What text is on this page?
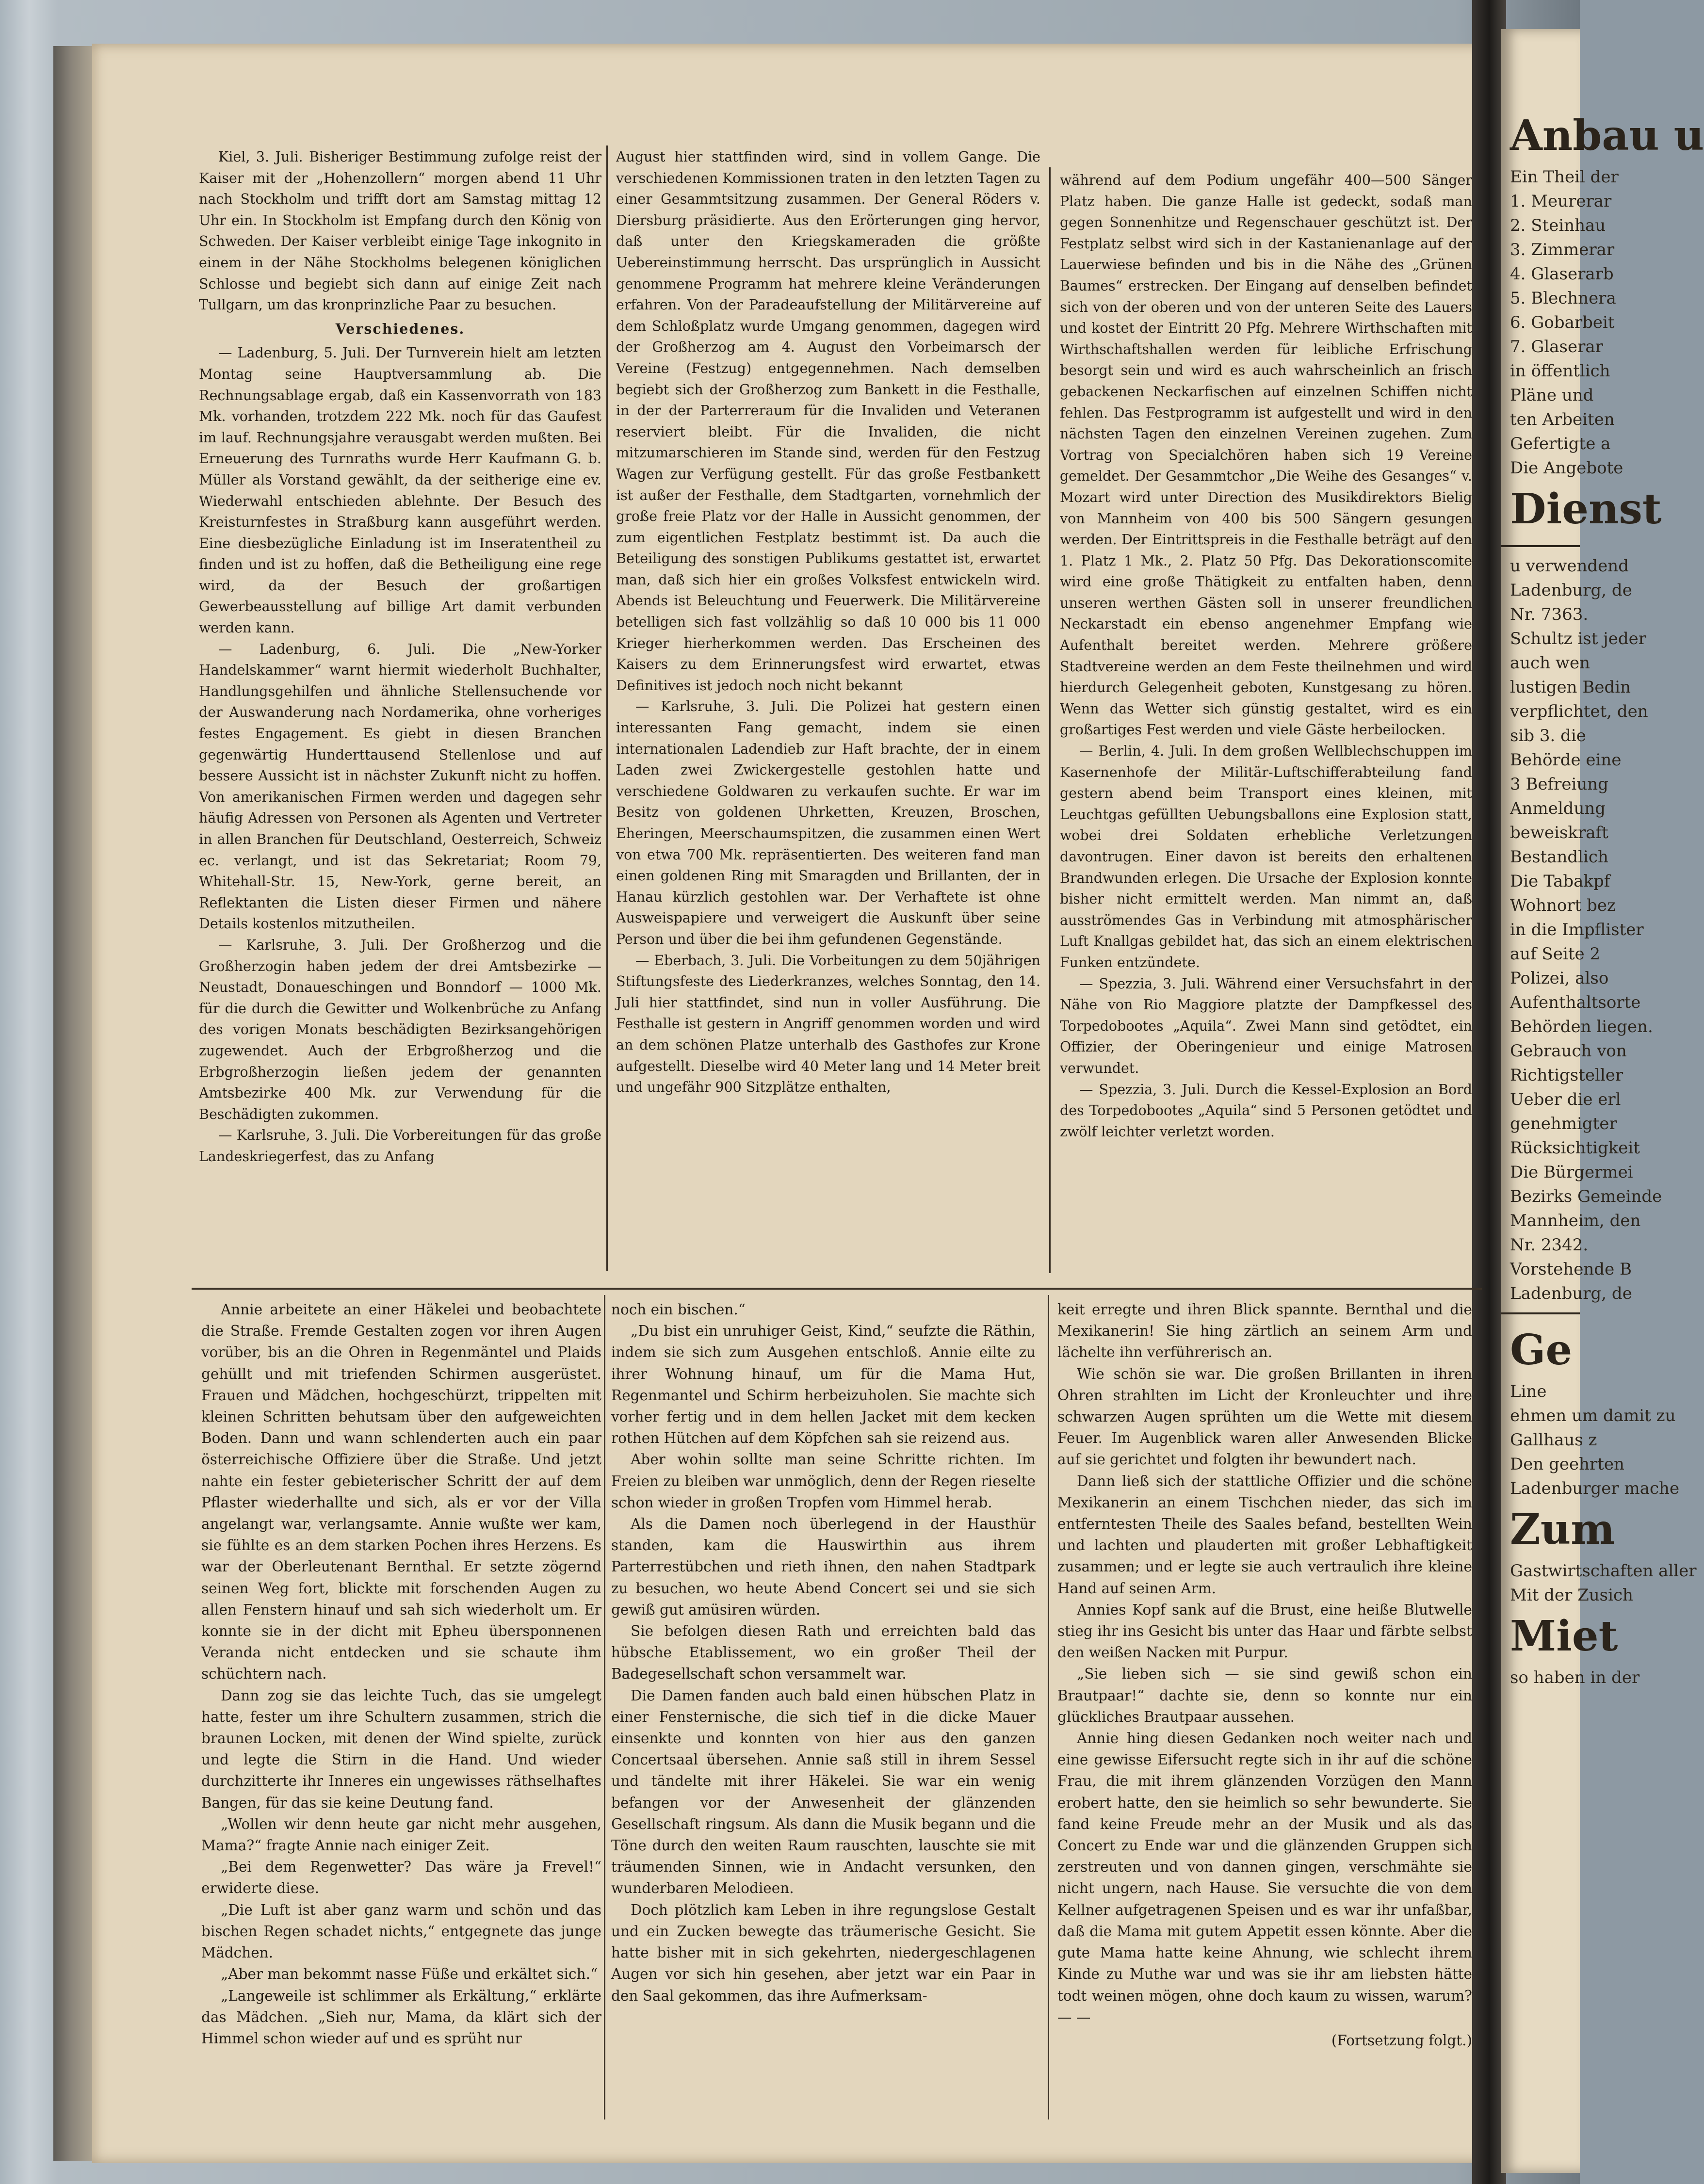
Anbau u
Ein Theil der
1. Meurerar
2. Steinhau
3. Zimmerar
4. Glaserarb
5. Blechnera
6. Gobarbeit
7. Glaserar
in öffentlich
Pläne und
ten Arbeiten
Gefertigte a
Die Angebote
Dienst
u verwendend
Ladenburg, de
Nr. 7363.
Schultz ist jeder
auch wen
lustigen Bedin
verpflichtet, den
sib 3. die
Behörde eine
3 Befreiung
Anmeldung
beweiskraft
Bestandlich
Die Tabakpf
Wohnort bez
in die Impflister
auf Seite 2
Polizei, also
Aufenthaltsorte
Behörden liegen.
Gebrauch von
Richtigsteller
Ueber die erl
genehmigter
Rücksichtigkeit
Die Bürgermei
Bezirks Gemeinde
Mannheim, den
Nr. 2342.
Vorstehende B
Ladenburg, de
Ge
Line
ehmen um damit zu
Gallhaus z
Den geehrten
Ladenburger mache
Zum
Gastwirtschaften aller
Mit der Zusich
Miet
so haben in der

Kiel, 3. Juli. Bisheriger Bestimmung zufolge reist der Kaiser mit der „Hohenzollern“ morgen abend 11 Uhr nach Stockholm und trifft dort am Samstag mittag 12 Uhr ein. In Stockholm ist Empfang durch den König von Schweden. Der Kaiser verbleibt einige Tage inkognito in einem in der Nähe Stockholms belegenen königlichen Schlosse und begiebt sich dann auf einige Zeit nach Tullgarn, um das kronprinzliche Paar zu besuchen.

Verschiedenes.

— Ladenburg, 5. Juli. Der Turnverein hielt am letzten Montag seine Hauptversammlung ab. Die Rechnungsablage ergab, daß ein Kassenvorrath von 183 Mk. vorhanden, trotzdem 222 Mk. noch für das Gaufest im lauf. Rechnungsjahre verausgabt werden mußten. Bei Erneuerung des Turnraths wurde Herr Kaufmann G. b. Müller als Vorstand gewählt, da der seitherige eine ev. Wiederwahl entschieden ablehnte. Der Besuch des Kreisturnfestes in Straßburg kann ausgeführt werden. Eine diesbezügliche Einladung ist im Inseratentheil zu finden und ist zu hoffen, daß die Betheiligung eine rege wird, da der Besuch der großartigen Gewerbeausstellung auf billige Art damit verbunden werden kann.

— Ladenburg, 6. Juli. Die „New-Yorker Handelskammer“ warnt hiermit wiederholt Buchhalter, Handlungsgehilfen und ähnliche Stellensuchende vor der Auswanderung nach Nordamerika, ohne vorheriges festes Engagement. Es giebt in diesen Branchen gegenwärtig Hunderttausend Stellenlose und auf bessere Aussicht ist in nächster Zukunft nicht zu hoffen. Von amerikanischen Firmen werden und dagegen sehr häufig Adressen von Personen als Agenten und Vertreter in allen Branchen für Deutschland, Oesterreich, Schweiz ec. verlangt, und ist das Sekretariat; Room 79, Whitehall-Str. 15, New-York, gerne bereit, an Reflektanten die Listen dieser Firmen und nähere Details kostenlos mitzutheilen.

— Karlsruhe, 3. Juli. Der Großherzog und die Großherzogin haben jedem der drei Amtsbezirke — Neustadt, Donaueschingen und Bonndorf — 1000 Mk. für die durch die Gewitter und Wolkenbrüche zu Anfang des vorigen Monats beschädigten Bezirksangehörigen zugewendet. Auch der Erbgroßherzog und die Erbgroßherzogin ließen jedem der genannten Amtsbezirke 400 Mk. zur Verwendung für die Beschädigten zukommen.

— Karlsruhe, 3. Juli. Die Vorbereitungen für das große Landeskriegerfest, das zu Anfang

August hier stattfinden wird, sind in vollem Gange. Die verschiedenen Kommissionen traten in den letzten Tagen zu einer Gesammtsitzung zusammen. Der General Röders v. Diersburg präsidierte. Aus den Erörterungen ging hervor, daß unter den Kriegskameraden die größte Uebereinstimmung herrscht. Das ursprünglich in Aussicht genommene Programm hat mehrere kleine Veränderungen erfahren. Von der Paradeaufstellung der Militärvereine auf dem Schloßplatz wurde Umgang genommen, dagegen wird der Großherzog am 4. August den Vorbeimarsch der Vereine (Festzug) entgegennehmen. Nach demselben begiebt sich der Großherzog zum Bankett in die Festhalle, in der der Parterreraum für die Invaliden und Veteranen reserviert bleibt. Für die Invaliden, die nicht mitzumarschieren im Stande sind, werden für den Festzug Wagen zur Verfügung gestellt. Für das große Festbankett ist außer der Festhalle, dem Stadtgarten, vornehmlich der große freie Platz vor der Halle in Aussicht genommen, der zum eigentlichen Festplatz bestimmt ist. Da auch die Beteiligung des sonstigen Publikums gestattet ist, erwartet man, daß sich hier ein großes Volksfest entwickeln wird. Abends ist Beleuchtung und Feuerwerk. Die Militärvereine betelligen sich fast vollzählig so daß 10 000 bis 11 000 Krieger hierherkommen werden. Das Erscheinen des Kaisers zu dem Erinnerungsfest wird erwartet, etwas Definitives ist jedoch noch nicht bekannt

— Karlsruhe, 3. Juli. Die Polizei hat gestern einen interessanten Fang gemacht, indem sie einen internationalen Ladendieb zur Haft brachte, der in einem Laden zwei Zwickergestelle gestohlen hatte und verschiedene Goldwaren zu verkaufen suchte. Er war im Besitz von goldenen Uhrketten, Kreuzen, Broschen, Eheringen, Meerschaumspitzen, die zusammen einen Wert von etwa 700 Mk. repräsentierten. Des weiteren fand man einen goldenen Ring mit Smaragden und Brillanten, der in Hanau kürzlich gestohlen war. Der Verhaftete ist ohne Ausweispapiere und verweigert die Auskunft über seine Person und über die bei ihm gefundenen Gegenstände.

— Eberbach, 3. Juli. Die Vorbeitungen zu dem 50jährigen Stiftungsfeste des Liederkranzes, welches Sonntag, den 14. Juli hier stattfindet, sind nun in voller Ausführung. Die Festhalle ist gestern in Angriff genommen worden und wird an dem schönen Platze unterhalb des Gasthofes zur Krone aufgestellt. Dieselbe wird 40 Meter lang und 14 Meter breit und ungefähr 900 Sitzplätze enthalten,

während auf dem Podium ungefähr 400—500 Sänger Platz haben. Die ganze Halle ist gedeckt, sodaß man gegen Sonnenhitze und Regenschauer geschützt ist. Der Festplatz selbst wird sich in der Kastanienanlage auf der Lauerwiese befinden und bis in die Nähe des „Grünen Baumes“ erstrecken. Der Eingang auf denselben befindet sich von der oberen und von der unteren Seite des Lauers und kostet der Eintritt 20 Pfg. Mehrere Wirthschaften mit Wirthschaftshallen werden für leibliche Erfrischung besorgt sein und wird es auch wahrscheinlich an frisch gebackenen Neckarfischen auf einzelnen Schiffen nicht fehlen. Das Festprogramm ist aufgestellt und wird in den nächsten Tagen den einzelnen Vereinen zugehen. Zum Vortrag von Specialchören haben sich 19 Vereine gemeldet. Der Gesammtchor „Die Weihe des Gesanges“ v. Mozart wird unter Direction des Musikdirektors Bielig von Mannheim von 400 bis 500 Sängern gesungen werden. Der Eintrittspreis in die Festhalle beträgt auf den 1. Platz 1 Mk., 2. Platz 50 Pfg. Das Dekorationscomite wird eine große Thätigkeit zu entfalten haben, denn unseren werthen Gästen soll in unserer freundlichen Neckarstadt ein ebenso angenehmer Empfang wie Aufenthalt bereitet werden. Mehrere größere Stadtvereine werden an dem Feste theilnehmen und wird hierdurch Gelegenheit geboten, Kunstgesang zu hören. Wenn das Wetter sich günstig gestaltet, wird es ein großartiges Fest werden und viele Gäste herbeilocken.

— Berlin, 4. Juli. In dem großen Wellblechschuppen im Kasernenhofe der Militär-Luftschifferabteilung fand gestern abend beim Transport eines kleinen, mit Leuchtgas gefüllten Uebungsballons eine Explosion statt, wobei drei Soldaten erhebliche Verletzungen davontrugen. Einer davon ist bereits den erhaltenen Brandwunden erlegen. Die Ursache der Explosion konnte bisher nicht ermittelt werden. Man nimmt an, daß ausströmendes Gas in Verbindung mit atmosphärischer Luft Knallgas gebildet hat, das sich an einem elektrischen Funken entzündete.

— Spezzia, 3. Juli. Während einer Versuchsfahrt in der Nähe von Rio Maggiore platzte der Dampfkessel des Torpedobootes „Aquila“. Zwei Mann sind getödtet, ein Offizier, der Oberingenieur und einige Matrosen verwundet.

— Spezzia, 3. Juli. Durch die Kessel-Explosion an Bord des Torpedobootes „Aquila“ sind 5 Personen getödtet und zwölf leichter verletzt worden.

Annie arbeitete an einer Häkelei und beobachtete die Straße. Fremde Gestalten zogen vor ihren Augen vorüber, bis an die Ohren in Regenmäntel und Plaids gehüllt und mit triefenden Schirmen ausgerüstet. Frauen und Mädchen, hochgeschürzt, trippelten mit kleinen Schritten behutsam über den aufgeweichten Boden. Dann und wann schlenderten auch ein paar österreichische Offiziere über die Straße. Und jetzt nahte ein fester gebieterischer Schritt der auf dem Pflaster wiederhallte und sich, als er vor der Villa angelangt war, verlangsamte. Annie wußte wer kam, sie fühlte es an dem starken Pochen ihres Herzens. Es war der Oberleutenant Bernthal. Er setzte zögernd seinen Weg fort, blickte mit forschenden Augen zu allen Fenstern hinauf und sah sich wiederholt um. Er konnte sie in der dicht mit Epheu übersponnenen Veranda nicht entdecken und sie schaute ihm schüchtern nach.

Dann zog sie das leichte Tuch, das sie umgelegt hatte, fester um ihre Schultern zusammen, strich die braunen Locken, mit denen der Wind spielte, zurück und legte die Stirn in die Hand. Und wieder durchzitterte ihr Inneres ein ungewisses räthselhaftes Bangen, für das sie keine Deutung fand.

„Wollen wir denn heute gar nicht mehr ausgehen, Mama?“ fragte Annie nach einiger Zeit.

„Bei dem Regenwetter? Das wäre ja Frevel!“ erwiderte diese.

„Die Luft ist aber ganz warm und schön und das bischen Regen schadet nichts,“ entgegnete das junge Mädchen.

„Aber man bekommt nasse Füße und erkältet sich.“

„Langeweile ist schlimmer als Erkältung,“ erklärte das Mädchen. „Sieh nur, Mama, da klärt sich der Himmel schon wieder auf und es sprüht nur

noch ein bischen.“

„Du bist ein unruhiger Geist, Kind,“ seufzte die Räthin, indem sie sich zum Ausgehen entschloß. Annie eilte zu ihrer Wohnung hinauf, um für die Mama Hut, Regenmantel und Schirm herbeizuholen. Sie machte sich vorher fertig und in dem hellen Jacket mit dem kecken rothen Hütchen auf dem Köpfchen sah sie reizend aus.

Aber wohin sollte man seine Schritte richten. Im Freien zu bleiben war unmöglich, denn der Regen rieselte schon wieder in großen Tropfen vom Himmel herab.

Als die Damen noch überlegend in der Hausthür standen, kam die Hauswirthin aus ihrem Parterrestübchen und rieth ihnen, den nahen Stadtpark zu besuchen, wo heute Abend Concert sei und sie sich gewiß gut amüsiren würden.

Sie befolgen diesen Rath und erreichten bald das hübsche Etablissement, wo ein großer Theil der Badegesellschaft schon versammelt war.

Die Damen fanden auch bald einen hübschen Platz in einer Fensternische, die sich tief in die dicke Mauer einsenkte und konnten von hier aus den ganzen Concertsaal übersehen. Annie saß still in ihrem Sessel und tändelte mit ihrer Häkelei. Sie war ein wenig befangen vor der Anwesenheit der glänzenden Gesellschaft ringsum. Als dann die Musik begann und die Töne durch den weiten Raum rauschten, lauschte sie mit träumenden Sinnen, wie in Andacht versunken, den wunderbaren Melodieen.

Doch plötzlich kam Leben in ihre regungslose Gestalt und ein Zucken bewegte das träumerische Gesicht. Sie hatte bisher mit in sich gekehrten, niedergeschlagenen Augen vor sich hin gesehen, aber jetzt war ein Paar in den Saal gekommen, das ihre Aufmerksam-

keit erregte und ihren Blick spannte. Bernthal und die Mexikanerin! Sie hing zärtlich an seinem Arm und lächelte ihn verführerisch an.

Wie schön sie war. Die großen Brillanten in ihren Ohren strahlten im Licht der Kronleuchter und ihre schwarzen Augen sprühten um die Wette mit diesem Feuer. Im Augenblick waren aller Anwesenden Blicke auf sie gerichtet und folgten ihr bewundert nach.

Dann ließ sich der stattliche Offizier und die schöne Mexikanerin an einem Tischchen nieder, das sich im entferntesten Theile des Saales befand, bestellten Wein und lachten und plauderten mit großer Lebhaftigkeit zusammen; und er legte sie auch vertraulich ihre kleine Hand auf seinen Arm.

Annies Kopf sank auf die Brust, eine heiße Blutwelle stieg ihr ins Gesicht bis unter das Haar und färbte selbst den weißen Nacken mit Purpur.

„Sie lieben sich — sie sind gewiß schon ein Brautpaar!“ dachte sie, denn so konnte nur ein glückliches Brautpaar aussehen.

Annie hing diesen Gedanken noch weiter nach und eine gewisse Eifersucht regte sich in ihr auf die schöne Frau, die mit ihrem glänzenden Vorzügen den Mann erobert hatte, den sie heimlich so sehr bewunderte. Sie fand keine Freude mehr an der Musik und als das Concert zu Ende war und die glänzenden Gruppen sich zerstreuten und von dannen gingen, verschmähte sie nicht ungern, nach Hause. Sie versuchte die von dem Kellner aufgetragenen Speisen und es war ihr unfaßbar, daß die Mama mit gutem Appetit essen könnte. Aber die gute Mama hatte keine Ahnung, wie schlecht ihrem Kinde zu Muthe war und was sie ihr am liebsten hätte todt weinen mögen, ohne doch kaum zu wissen, warum? — —

(Fortsetzung folgt.)
